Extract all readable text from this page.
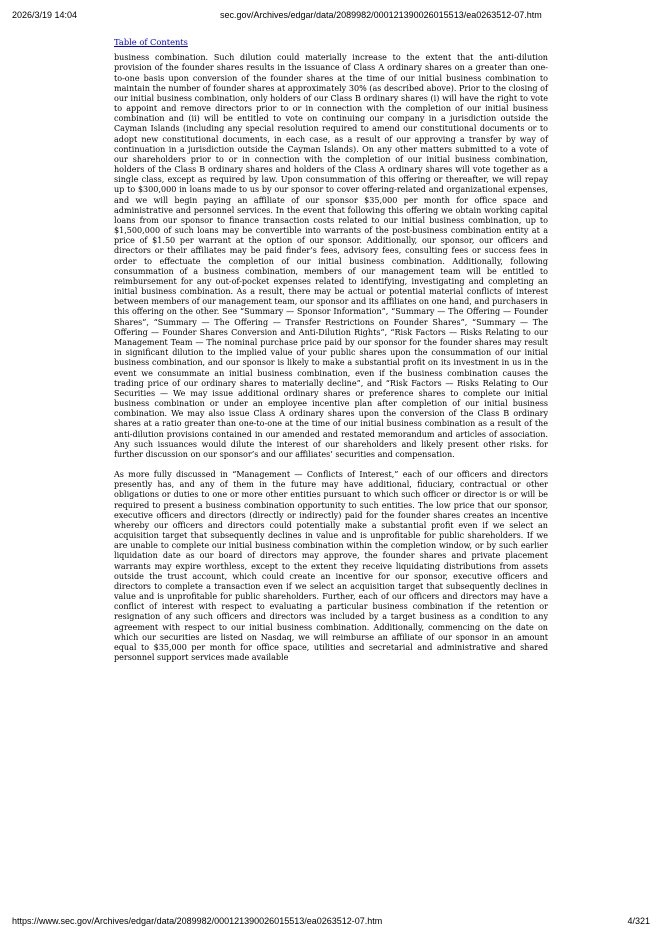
2026/3/19 14:04	sec.gov/Archives/edgar/data/2089982/000121390026015513/ea0263512-07.htm
Table of Contents

business combination. Such dilution could materially increase to the extent that the anti-dilution provision of the founder shares results in the issuance of Class A ordinary shares on a greater than one-to-one basis upon conversion of the founder shares at the time of our initial business combination to maintain the number of founder shares at approximately 30% (as described above). Prior to the closing of our initial business combination, only holders of our Class B ordinary shares (i) will have the right to vote to appoint and remove directors prior to or in connection with the completion of our initial business combination and (ii) will be entitled to vote on continuing our company in a jurisdiction outside the Cayman Islands (including any special resolution required to amend our constitutional documents or to adopt new constitutional documents, in each case, as a result of our approving a transfer by way of continuation in a jurisdiction outside the Cayman Islands). On any other matters submitted to a vote of our shareholders prior to or in connection with the completion of our initial business combination, holders of the Class B ordinary shares and holders of the Class A ordinary shares will vote together as a single class, except as required by law. Upon consummation of this offering or thereafter, we will repay up to $300,000 in loans made to us by our sponsor to cover offering-related and organizational expenses, and we will begin paying an affiliate of our sponsor $35,000 per month for office space and administrative and personnel services. In the event that following this offering we obtain working capital loans from our sponsor to finance transaction costs related to our initial business combination, up to $1,500,000 of such loans may be convertible into warrants of the post-business combination entity at a price of $1.50 per warrant at the option of our sponsor. Additionally, our sponsor, our officers and directors or their affiliates may be paid finder’s fees, advisory fees, consulting fees or success fees in order to effectuate the completion of our initial business combination. Additionally, following consummation of a business combination, members of our management team will be entitled to reimbursement for any out-of-pocket expenses related to identifying, investigating and completing an initial business combination. As a result, there may be actual or potential material conflicts of interest between members of our management team, our sponsor and its affiliates on one hand, and purchasers in this offering on the other. See “Summary — Sponsor Information”, “Summary — The Offering — Founder Shares”, “Summary — The Offering — Transfer Restrictions on Founder Shares”, “Summary — The Offering — Founder Shares Conversion and Anti-Dilution Rights”, “Risk Factors — Risks Relating to our Management Team — The nominal purchase price paid by our sponsor for the founder shares may result in significant dilution to the implied value of your public shares upon the consummation of our initial business combination, and our sponsor is likely to make a substantial profit on its investment in us in the event we consummate an initial business combination, even if the business combination causes the trading price of our ordinary shares to materially decline”, and “Risk Factors — Risks Relating to Our Securities — We may issue additional ordinary shares or preference shares to complete our initial business combination or under an employee incentive plan after completion of our initial business combination. We may also issue Class A ordinary shares upon the conversion of the Class B ordinary shares at a ratio greater than one-to-one at the time of our initial business combination as a result of the anti-dilution provisions contained in our amended and restated memorandum and articles of association. Any such issuances would dilute the interest of our shareholders and likely present other risks. for further discussion on our sponsor’s and our affiliates’ securities and compensation.

As more fully discussed in “Management — Conflicts of Interest,” each of our officers and directors presently has, and any of them in the future may have additional, fiduciary, contractual or other obligations or duties to one or more other entities pursuant to which such officer or director is or will be required to present a business combination opportunity to such entities. The low price that our sponsor, executive officers and directors (directly or indirectly) paid for the founder shares creates an incentive whereby our officers and directors could potentially make a substantial profit even if we select an acquisition target that subsequently declines in value and is unprofitable for public shareholders. If we are unable to complete our initial business combination within the completion window, or by such earlier liquidation date as our board of directors may approve, the founder shares and private placement warrants may expire worthless, except to the extent they receive liquidating distributions from assets outside the trust account, which could create an incentive for our sponsor, executive officers and directors to complete a transaction even if we select an acquisition target that subsequently declines in value and is unprofitable for public shareholders. Further, each of our officers and directors may have a conflict of interest with respect to evaluating a particular business combination if the retention or resignation of any such officers and directors was included by a target business as a condition to any agreement with respect to our initial business combination. Additionally, commencing on the date on which our securities are listed on Nasdaq, we will reimburse an affiliate of our sponsor in an amount equal to $35,000 per month for office space, utilities and secretarial and administrative and shared personnel support services made available

https://www.sec.gov/Archives/edgar/data/2089982/000121390026015513/ea0263512-07.htm	4/321
